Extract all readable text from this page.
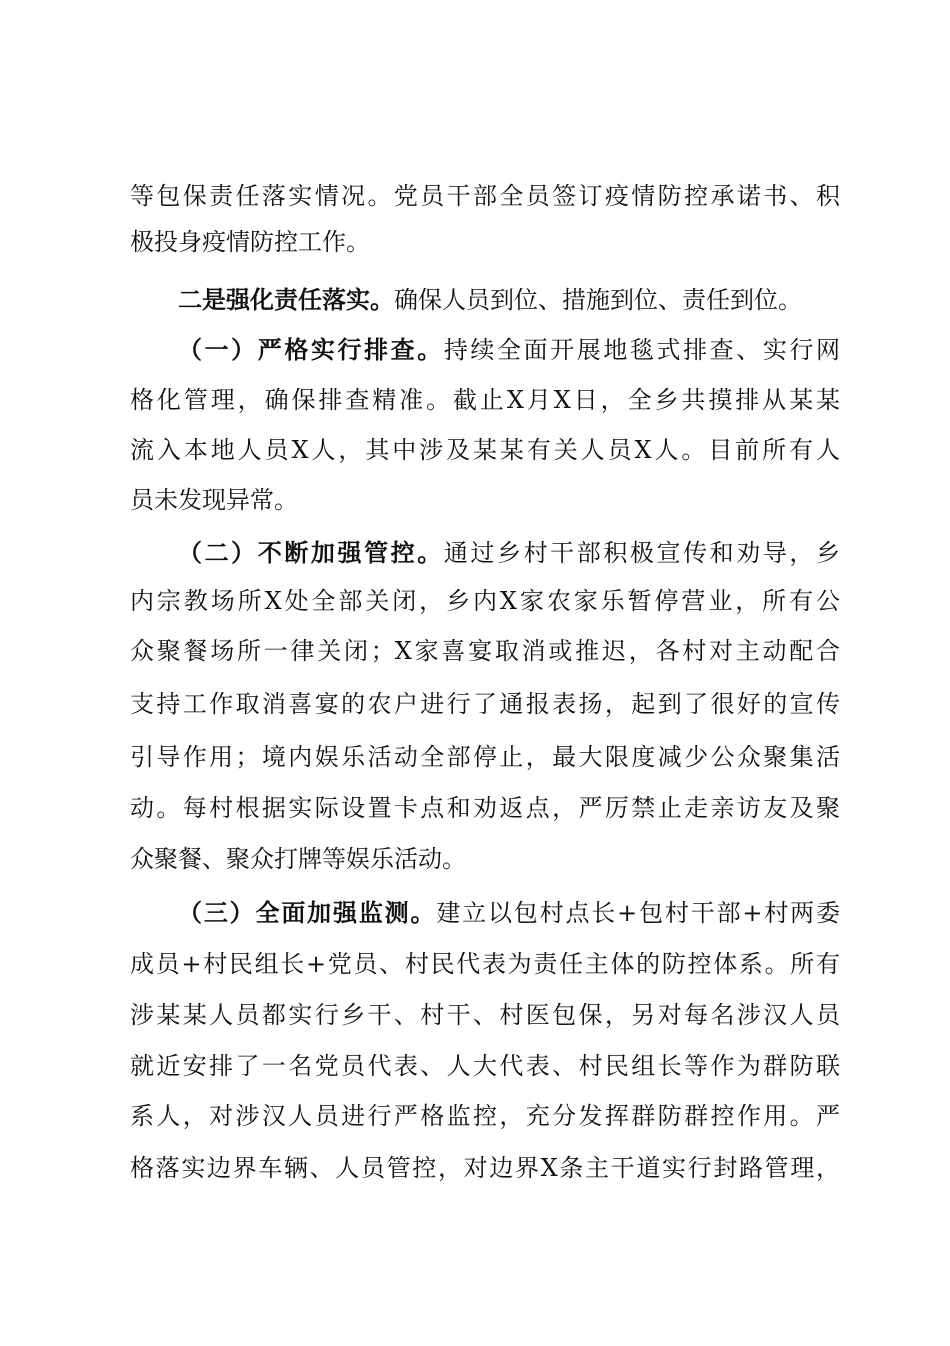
等包保责任落实情况。党员干部全员签订疫情防控承诺书、积
极投身疫情防控工作。
二是强化责任落实。确保人员到位、措施到位、责任到位。
（一）严格实行排查。持续全面开展地毯式排查、实行网
格化管理，确保排查精准。截止X月X日，全乡共摸排从某某
流入本地人员X人，其中涉及某某有关人员X人。目前所有人
员未发现异常。
（二）不断加强管控。通过乡村干部积极宣传和劝导，乡
内宗教场所X处全部关闭，乡内X家农家乐暂停营业，所有公
众聚餐场所一律关闭；X家喜宴取消或推迟，各村对主动配合
支持工作取消喜宴的农户进行了通报表扬，起到了很好的宣传
引导作用；境内娱乐活动全部停止，最大限度减少公众聚集活
动。每村根据实际设置卡点和劝返点，严厉禁止走亲访友及聚
众聚餐、聚众打牌等娱乐活动。
（三）全面加强监测。建立以包村点长+包村干部+村两委
成员+村民组长+党员、村民代表为责任主体的防控体系。所有
涉某某人员都实行乡干、村干、村医包保，另对每名涉汉人员
就近安排了一名党员代表、人大代表、村民组长等作为群防联
系人，对涉汉人员进行严格监控，充分发挥群防群控作用。严
格落实边界车辆、人员管控，对边界X条主干道实行封路管理，
